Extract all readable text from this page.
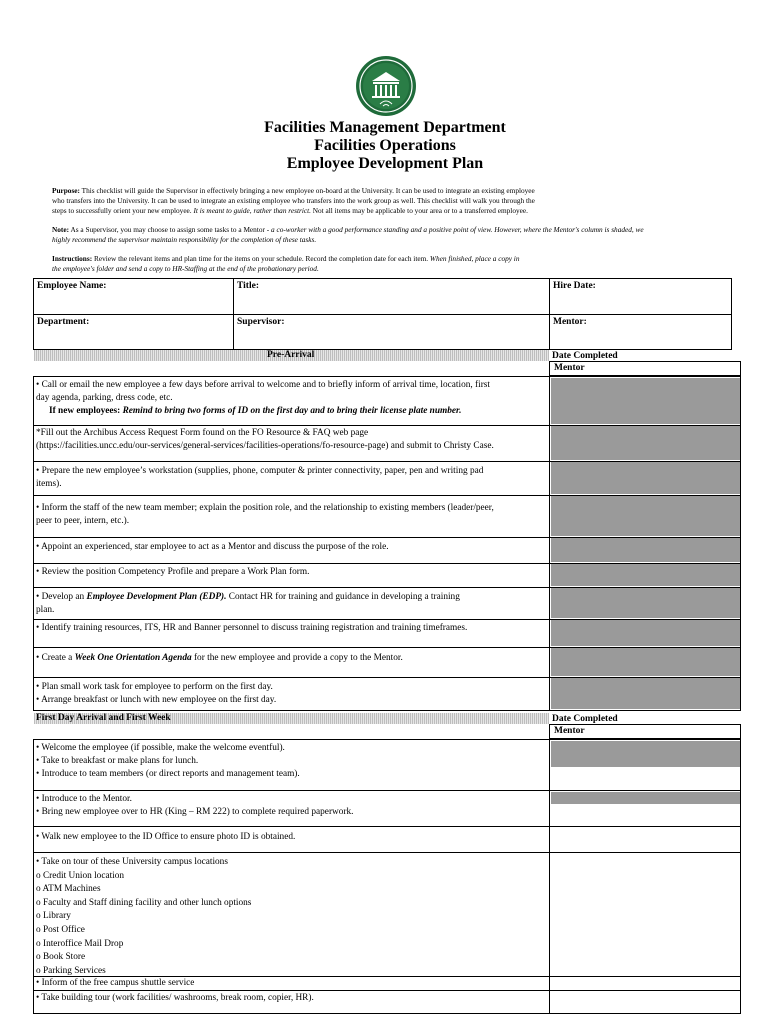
Facilities Management Department
Facilities Operations
Employee Development Plan
Purpose: This checklist will guide the Supervisor in effectively bringing a new employee on-board at the University. It can be used to integrate an existing employee
who transfers into the University. It can be used to integrate an existing employee who transfers into the work group as well. This checklist will walk you through the
steps to successfully orient your new employee. It is meant to guide, rather than restrict. Not all items may be applicable to your area or to a transferred employee.
Note: As a Supervisor, you may choose to assign some tasks to a Mentor - a co-worker with a good performance standing and a positive point of view. However, where the Mentor's column is shaded, we
highly recommend the supervisor maintain responsibility for the completion of these tasks.
Instructions: Review the relevant items and plan time for the items on your schedule. Record the completion date for each item. When finished, place a copy in
the employee's folder and send a copy to HR-Staffing at the end of the probationary period.
Employee Name:	Title:	Hire Date:
Department:	Supervisor:	Mentor:
Pre-Arrival	Date Completed
Mentor
• Call or email the new employee a few days before arrival to welcome and to briefly inform of arrival time, location, first
day agenda, parking, dress code, etc.
If new employees: Remind to bring two forms of ID on the first day and to bring their license plate number.
*Fill out the Archibus Access Request Form found on the FO Resource & FAQ web page
(https://facilities.uncc.edu/our-services/general-services/facilities-operations/fo-resource-page) and submit to Christy Case.
• Prepare the new employee’s workstation (supplies, phone, computer & printer connectivity, paper, pen and writing pad
items).
• Inform the staff of the new team member; explain the position role, and the relationship to existing members (leader/peer,
peer to peer, intern, etc.).
• Appoint an experienced, star employee to act as a Mentor and discuss the purpose of the role.
• Review the position Competency Profile and prepare a Work Plan form.
• Develop an Employee Development Plan (EDP). Contact HR for training and guidance in developing a training
plan.
• Identify training resources, ITS, HR and Banner personnel to discuss training registration and training timeframes.
• Create a Week One Orientation Agenda for the new employee and provide a copy to the Mentor.
• Plan small work task for employee to perform on the first day.
• Arrange breakfast or lunch with new employee on the first day.
First Day Arrival and First Week	Date Completed
Mentor
• Welcome the employee (if possible, make the welcome eventful).
• Take to breakfast or make plans for lunch.
• Introduce to team members (or direct reports and management team).
• Introduce to the Mentor.
• Bring new employee over to HR (King – RM 222) to complete required paperwork.
• Walk new employee to the ID Office to ensure photo ID is obtained.
• Take on tour of these University campus locations
o Credit Union location
o ATM Machines
o Faculty and Staff dining facility and other lunch options
o Library
o Post Office
o Interoffice Mail Drop
o Book Store
o Parking Services
• Inform of the free campus shuttle service
• Take building tour (work facilities/ washrooms, break room, copier, HR).
